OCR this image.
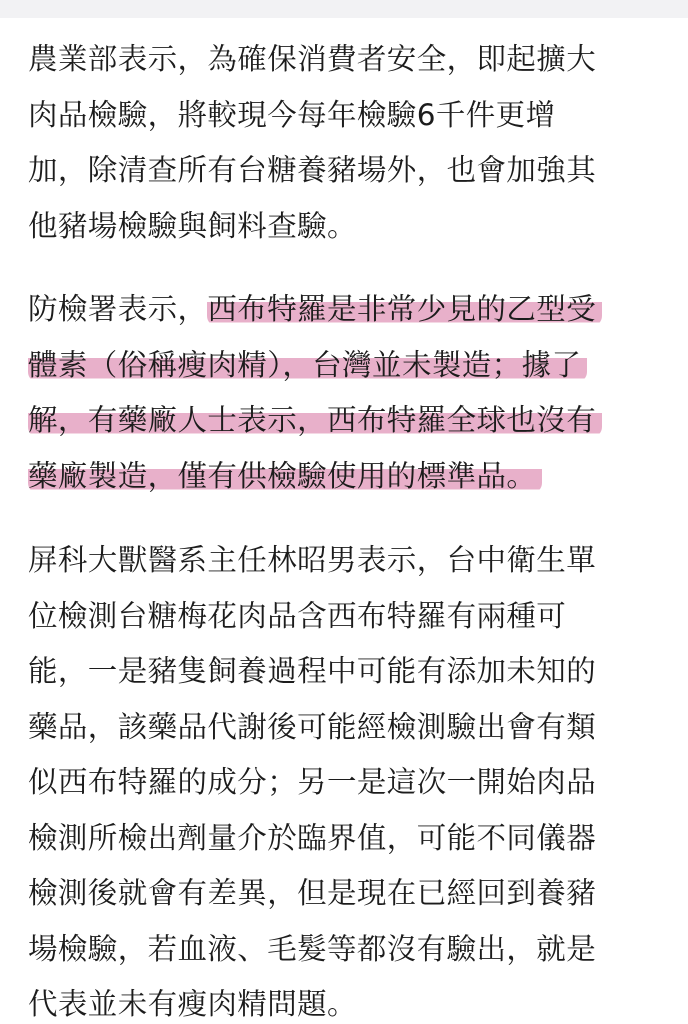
農業部表示，為確保消費者安全，即起擴大
肉品檢驗，將較現今每年檢驗6千件更增
加，除清查所有台糖養豬場外，也會加強其
他豬場檢驗與飼料查驗。
防檢署表示，西布特羅是非常少見的乙型受
體素（俗稱瘦肉精），台灣並未製造；據了
解，有藥廠人士表示，西布特羅全球也沒有
藥廠製造，僅有供檢驗使用的標準品。
屏科大獸醫系主任林昭男表示，台中衛生單
位檢測台糖梅花肉品含西布特羅有兩種可
能，一是豬隻飼養過程中可能有添加未知的
藥品，該藥品代謝後可能經檢測驗出會有類
似西布特羅的成分；另一是這次一開始肉品
檢測所檢出劑量介於臨界值，可能不同儀器
檢測後就會有差異，但是現在已經回到養豬
場檢驗，若血液、毛髮等都沒有驗出，就是
代表並未有瘦肉精問題。
